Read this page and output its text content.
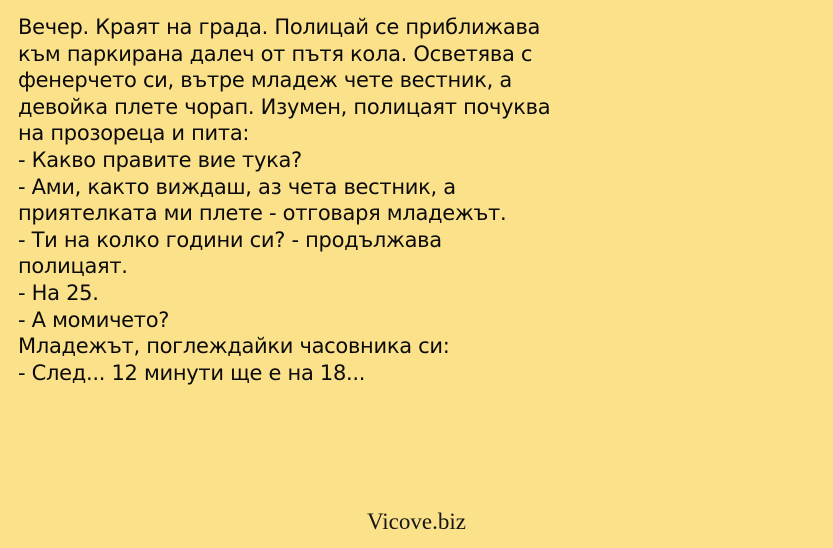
Вечер. Краят на града. Полицай се приближава
към паркирана далеч от пътя кола. Осветява с
фенерчето си, вътре младеж чете вестник, а
девойка плете чорап. Изумен, полицаят почуква
на прозореца и пита:
- Какво правите вие тука?
- Ами, както виждаш, аз чета вестник, а
приятелката ми плете - отговаря младежът.
- Ти на колко години си? - продължава
полицаят.
- На 25.
- А момичето?
Младежът, поглеждайки часовника си:
- След... 12 минути ще е на 18...
Vicove.biz
